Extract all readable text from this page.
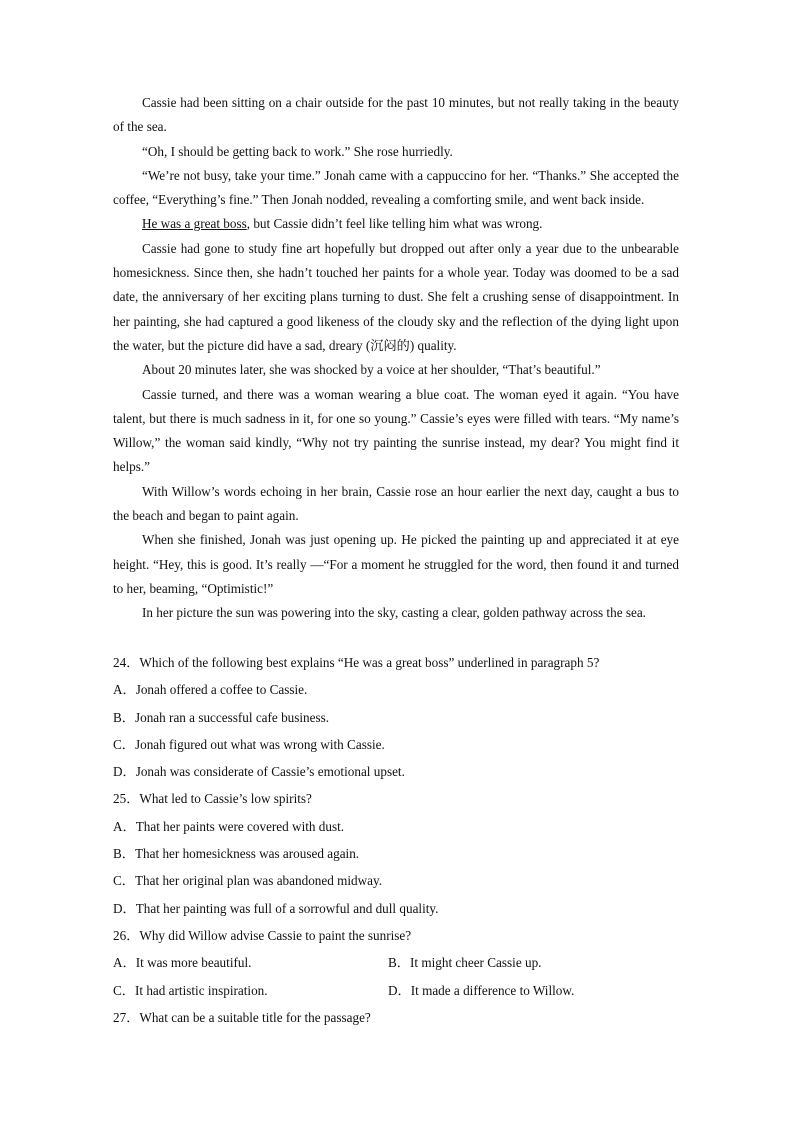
Cassie had been sitting on a chair outside for the past 10 minutes, but not really taking in the beauty of the sea.

“Oh, I should be getting back to work.” She rose hurriedly.

“We’re not busy, take your time.” Jonah came with a cappuccino for her. “Thanks.” She accepted the coffee, “Everything’s fine.” Then Jonah nodded, revealing a comforting smile, and went back inside.

He was a great boss, but Cassie didn’t feel like telling him what was wrong.

Cassie had gone to study fine art hopefully but dropped out after only a year due to the unbearable homesickness. Since then, she hadn’t touched her paints for a whole year. Today was doomed to be a sad date, the anniversary of her exciting plans turning to dust. She felt a crushing sense of disappointment. In her painting, she had captured a good likeness of the cloudy sky and the reflection of the dying light upon the water, but the picture did have a sad, dreary (沉闷的) quality.

About 20 minutes later, she was shocked by a voice at her shoulder, “That’s beautiful.”

Cassie turned, and there was a woman wearing a blue coat. The woman eyed it again. “You have talent, but there is much sadness in it, for one so young.” Cassie’s eyes were filled with tears. “My name’s Willow,” the woman said kindly, “Why not try painting the sunrise instead, my dear? You might find it helps.”

With Willow’s words echoing in her brain, Cassie rose an hour earlier the next day, caught a bus to the beach and began to paint again.

When she finished, Jonah was just opening up. He picked the painting up and appreciated it at eye height. “Hey, this is good. It’s really —“For a moment he struggled for the word, then found it and turned to her, beaming, “Optimistic!”

In her picture the sun was powering into the sky, casting a clear, golden pathway across the sea.

24．Which of the following best explains “He was a great boss” underlined in paragraph 5?
A．Jonah offered a coffee to Cassie.
B．Jonah ran a successful cafe business.
C．Jonah figured out what was wrong with Cassie.
D．Jonah was considerate of Cassie’s emotional upset.
25．What led to Cassie’s low spirits?
A．That her paints were covered with dust.
B．That her homesickness was aroused again.
C．That her original plan was abandoned midway.
D．That her painting was full of a sorrowful and dull quality.
26．Why did Willow advise Cassie to paint the sunrise?
A．It was more beautiful.	B．It might cheer Cassie up.
C．It had artistic inspiration.	D．It made a difference to Willow.
27．What can be a suitable title for the passage?
